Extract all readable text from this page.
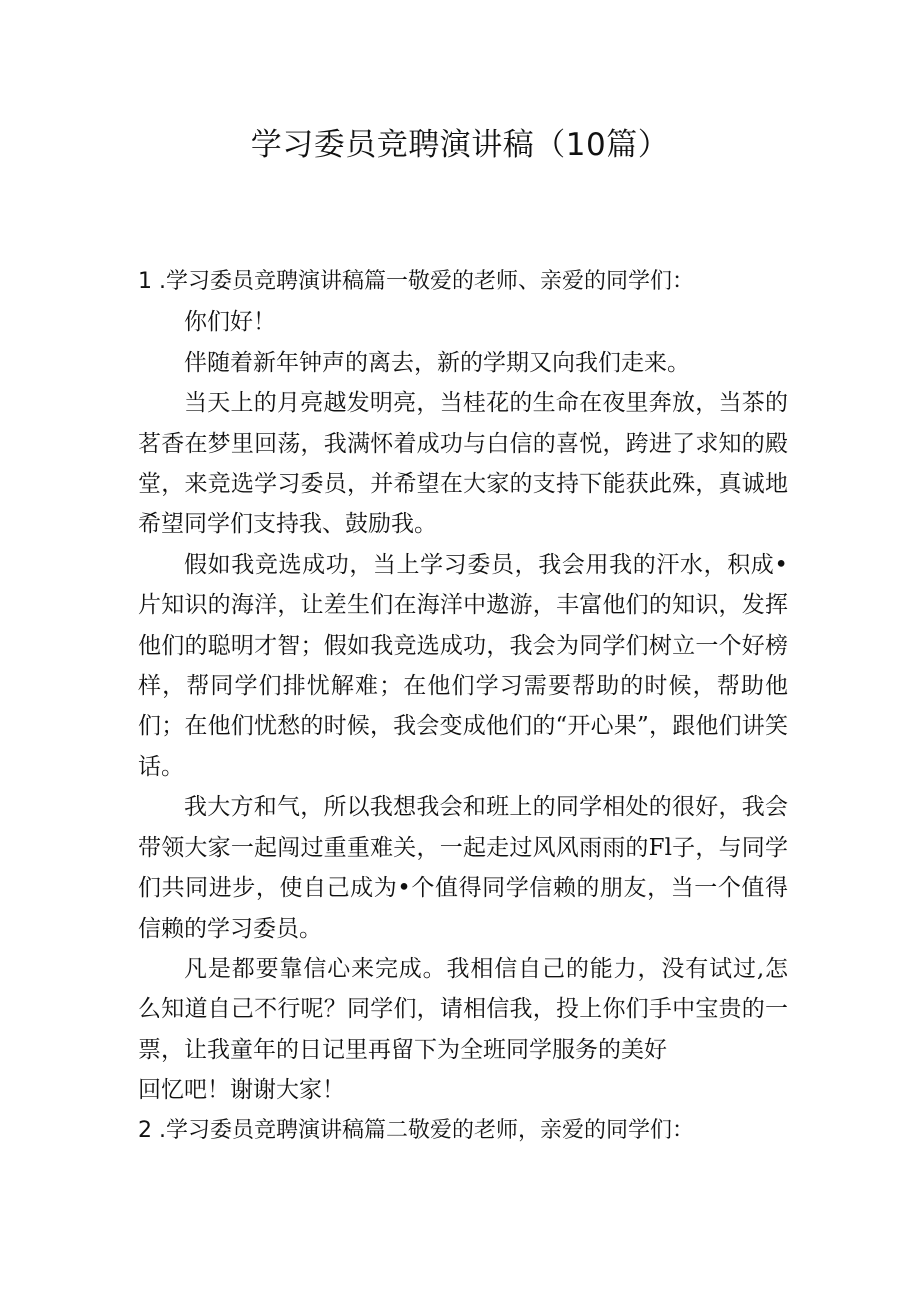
学习委员竞聘演讲稿（10篇）

1 .学习委员竞聘演讲稿篇一敬爱的老师、亲爱的同学们：

你们好！

伴随着新年钟声的离去，新的学期又向我们走来。

当天上的月亮越发明亮，当桂花的生命在夜里奔放，当茶的茗香在梦里回荡，我满怀着成功与白信的喜悦，跨进了求知的殿堂，来竞选学习委员，并希望在大家的支持下能获此殊，真诚地希望同学们支持我、鼓励我。

假如我竞选成功，当上学习委员，我会用我的汗水，积成•片知识的海洋，让差生们在海洋中遨游，丰富他们的知识，发挥他们的聪明才智；假如我竞选成功，我会为同学们树立一个好榜样，帮同学们排忧解难；在他们学习需要帮助的时候，帮助他们；在他们忧愁的时候，我会变成他们的“开心果”，跟他们讲笑话。

我大方和气，所以我想我会和班上的同学相处的很好，我会带领大家一起闯过重重难关，一起走过风风雨雨的Fl子，与同学们共同进步，使自己成为•个值得同学信赖的朋友，当一个值得信赖的学习委员。

凡是都要靠信心来完成。我相信自己的能力，没有试过,怎么知道自己不行呢？同学们，请相信我，投上你们手中宝贵的一票，让我童年的日记里再留下为全班同学服务的美好

回忆吧！谢谢大家！

2 .学习委员竞聘演讲稿篇二敬爱的老师，亲爱的同学们：
